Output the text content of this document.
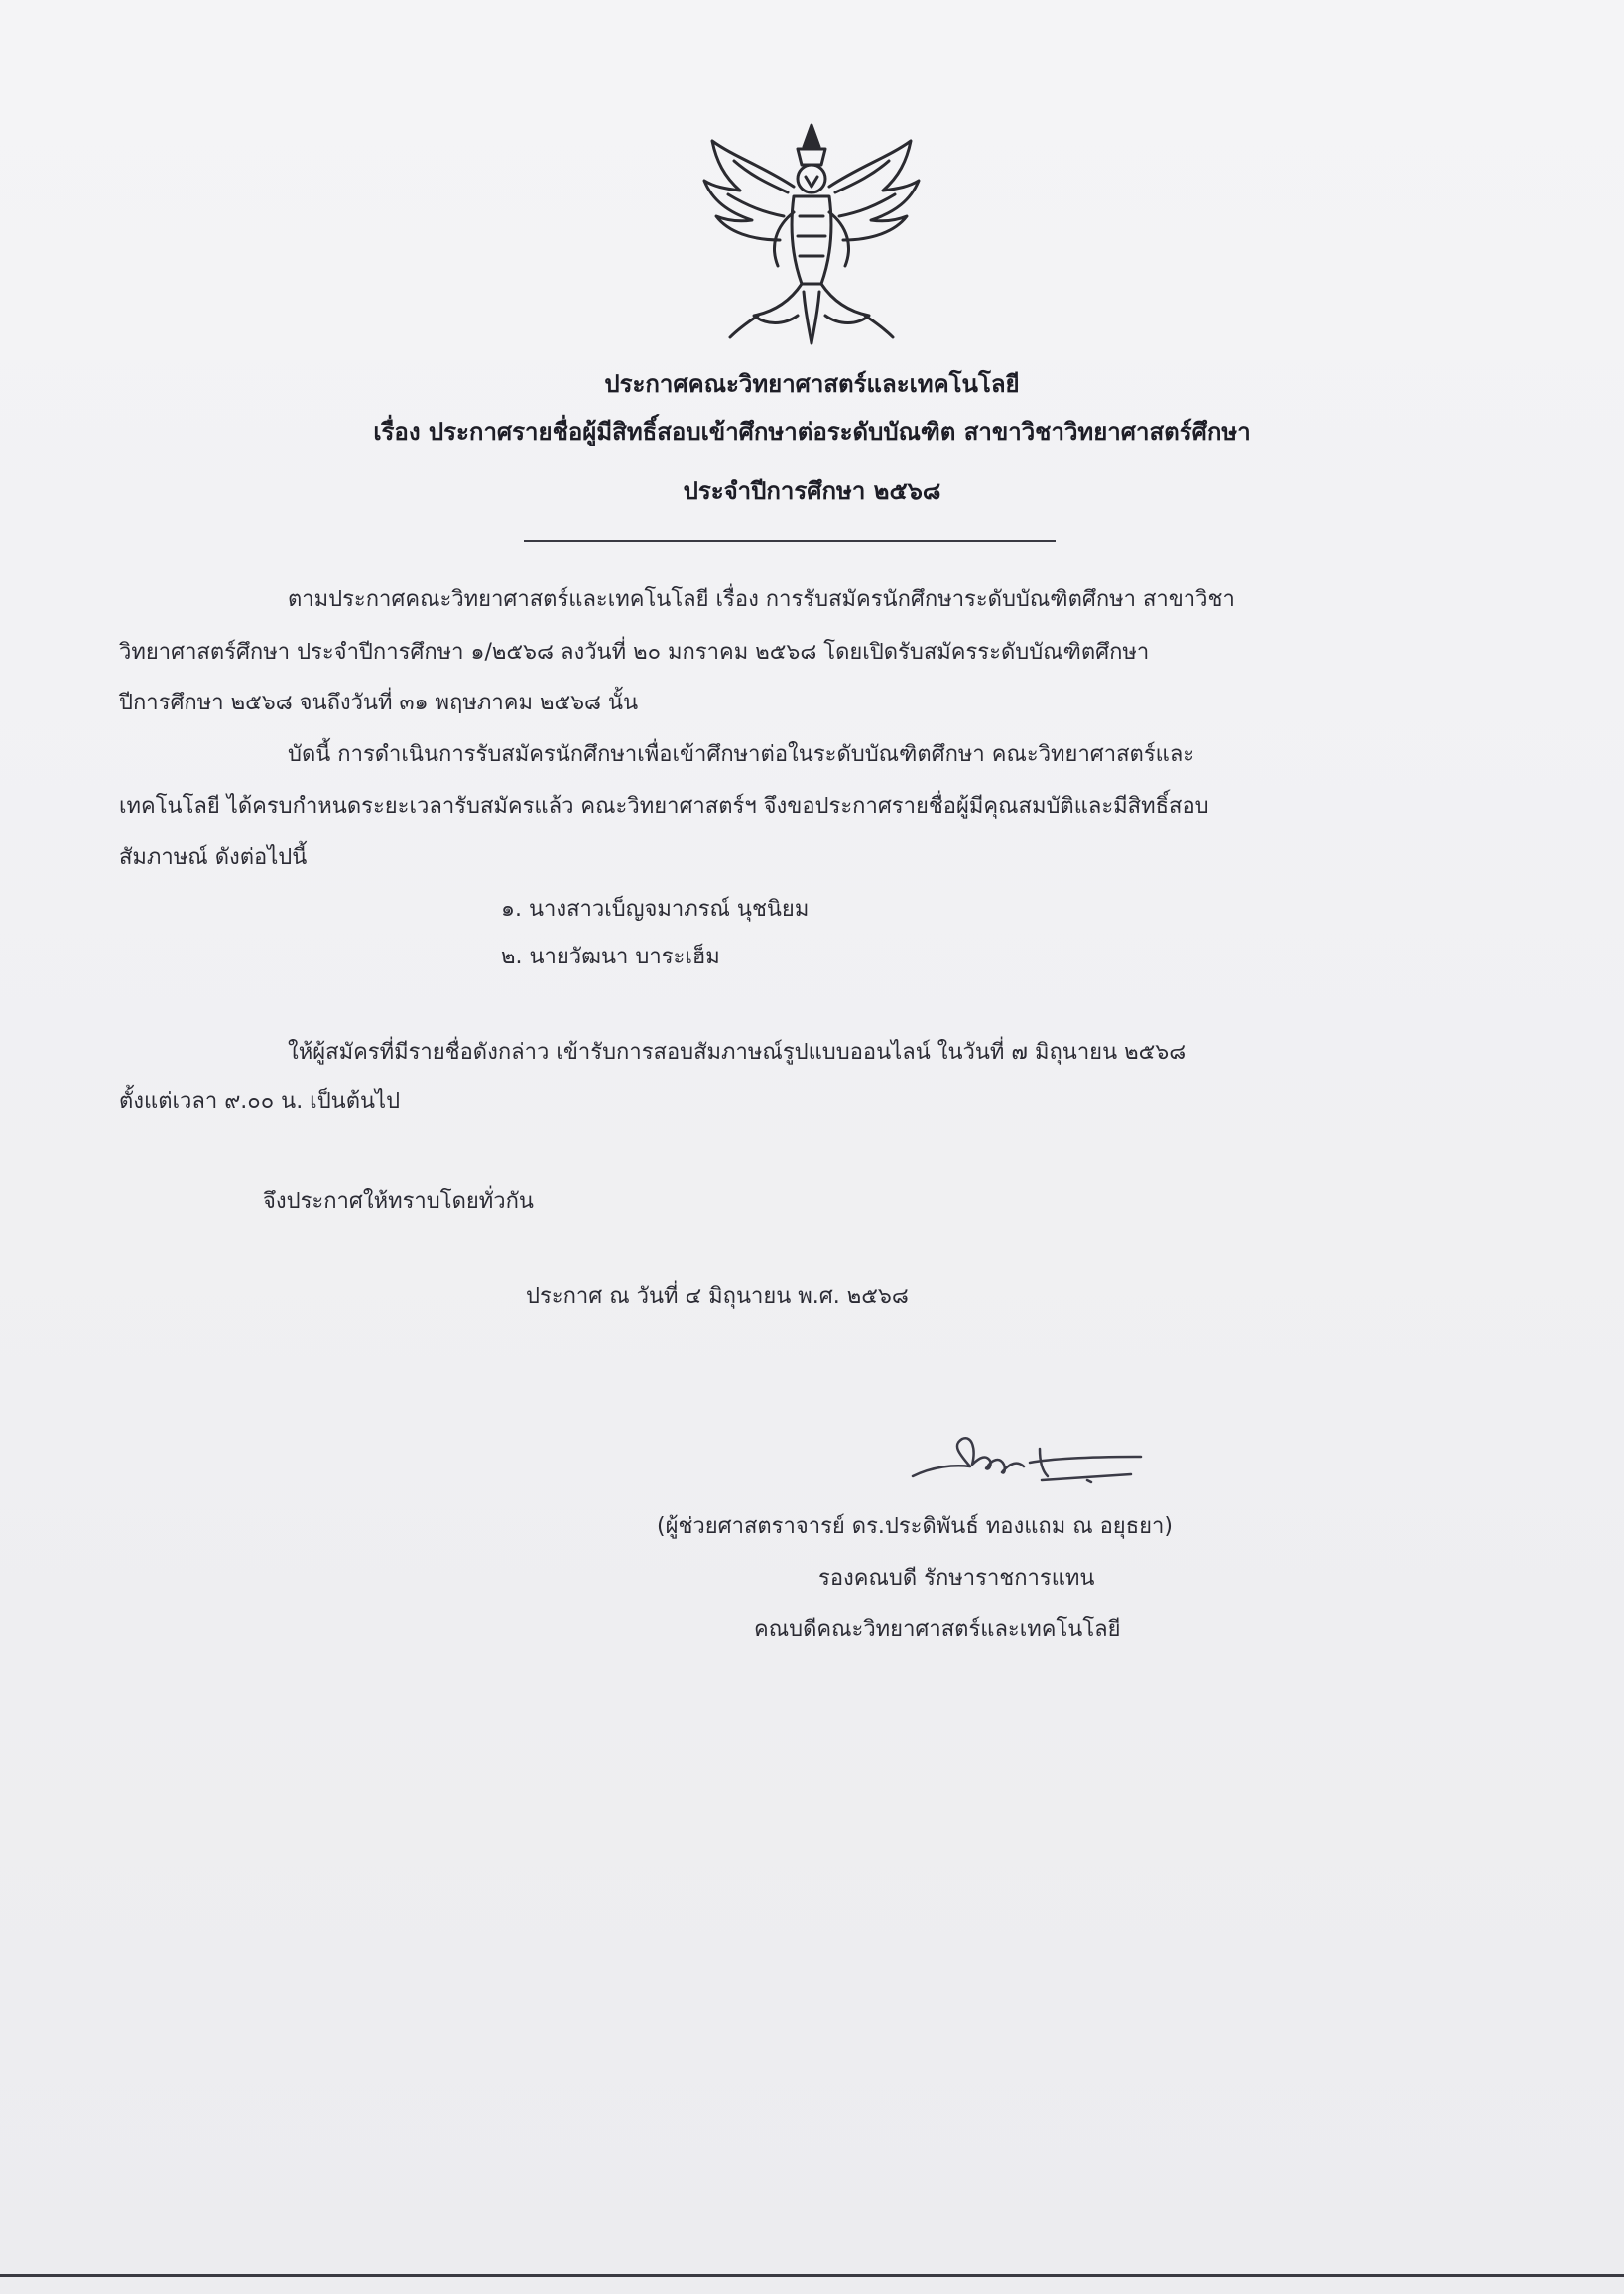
ประกาศคณะวิทยาศาสตร์และเทคโนโลยี
เรื่อง ประกาศรายชื่อผู้มีสิทธิ์สอบเข้าศึกษาต่อระดับบัณฑิต สาขาวิชาวิทยาศาสตร์ศึกษา
ประจำปีการศึกษา ๒๕๖๘
ตามประกาศคณะวิทยาศาสตร์และเทคโนโลยี เรื่อง การรับสมัครนักศึกษาระดับบัณฑิตศึกษา สาขาวิชา
วิทยาศาสตร์ศึกษา ประจำปีการศึกษา ๑/๒๕๖๘ ลงวันที่ ๒๐ มกราคม ๒๕๖๘ โดยเปิดรับสมัครระดับบัณฑิตศึกษา
ปีการศึกษา ๒๕๖๘ จนถึงวันที่ ๓๑ พฤษภาคม ๒๕๖๘ นั้น
บัดนี้ การดำเนินการรับสมัครนักศึกษาเพื่อเข้าศึกษาต่อในระดับบัณฑิตศึกษา คณะวิทยาศาสตร์และ
เทคโนโลยี ได้ครบกำหนดระยะเวลารับสมัครแล้ว คณะวิทยาศาสตร์ฯ จึงขอประกาศรายชื่อผู้มีคุณสมบัติและมีสิทธิ์สอบ
สัมภาษณ์ ดังต่อไปนี้
๑. นางสาวเบ็ญจมาภรณ์ นุชนิยม
๒. นายวัฒนา บาระเฮ็ม
ให้ผู้สมัครที่มีรายชื่อดังกล่าว เข้ารับการสอบสัมภาษณ์รูปแบบออนไลน์ ในวันที่ ๗ มิถุนายน ๒๕๖๘
ตั้งแต่เวลา ๙.๐๐ น. เป็นต้นไป
จึงประกาศให้ทราบโดยทั่วกัน
ประกาศ ณ วันที่ ๔ มิถุนายน พ.ศ. ๒๕๖๘
(ผู้ช่วยศาสตราจารย์ ดร.ประดิพันธ์ ทองแถม ณ อยุธยา)
รองคณบดี รักษาราชการแทน
คณบดีคณะวิทยาศาสตร์และเทคโนโลยี
